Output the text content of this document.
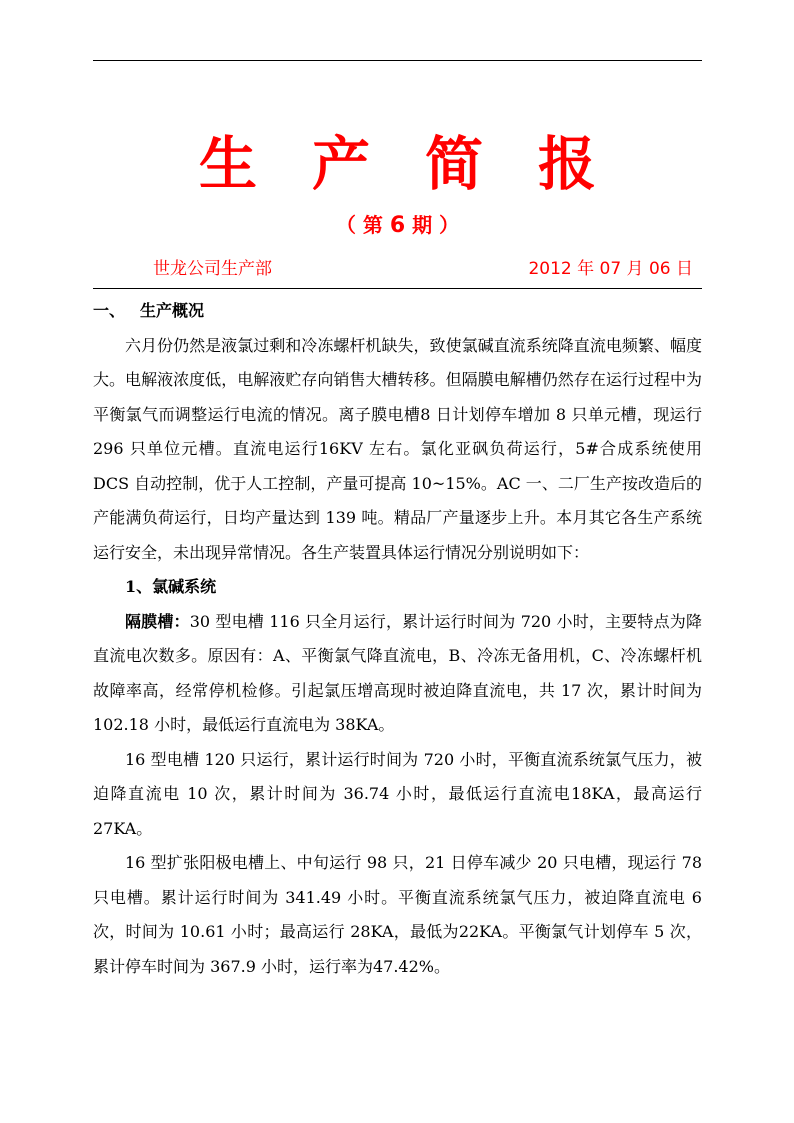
生产简报
（ 第 6 期 ）
世龙公司生产部	2012 年 07 月 06 日

一、 生产概况

六月份仍然是液氯过剩和冷冻螺杆机缺失，致使氯碱直流系统降直流电频繁、幅度大。电解液浓度低，电解液贮存向销售大槽转移。但隔膜电解槽仍然存在运行过程中为平衡氯气而调整运行电流的情况。离子膜电槽8 日计划停车增加 8 只单元槽，现运行 296 只单位元槽。直流电运行16KV 左右。氯化亚砜负荷运行，5#合成系统使用 DCS 自动控制，优于人工控制，产量可提高 10~15%。AC 一、二厂生产按改造后的产能满负荷运行，日均产量达到 139 吨。精品厂产量逐步上升。本月其它各生产系统运行安全，未出现异常情况。各生产装置具体运行情况分别说明如下：

1、氯碱系统

隔膜槽：30 型电槽 116 只全月运行，累计运行时间为 720 小时，主要特点为降直流电次数多。原因有：A、平衡氯气降直流电，B、冷冻无备用机，C、冷冻螺杆机故障率高，经常停机检修。引起氯压增高现时被迫降直流电，共 17 次，累计时间为 102.18 小时，最低运行直流电为 38KA。

16 型电槽 120 只运行，累计运行时间为 720 小时，平衡直流系统氯气压力，被迫降直流电 10 次，累计时间为 36.74 小时，最低运行直流电18KA，最高运行 27KA。

16 型扩张阳极电槽上、中旬运行 98 只，21 日停车减少 20 只电槽，现运行 78 只电槽。累计运行时间为 341.49 小时。平衡直流系统氯气压力，被迫降直流电 6 次，时间为 10.61 小时；最高运行 28KA，最低为22KA。平衡氯气计划停车 5 次，累计停车时间为 367.9 小时，运行率为47.42%。
